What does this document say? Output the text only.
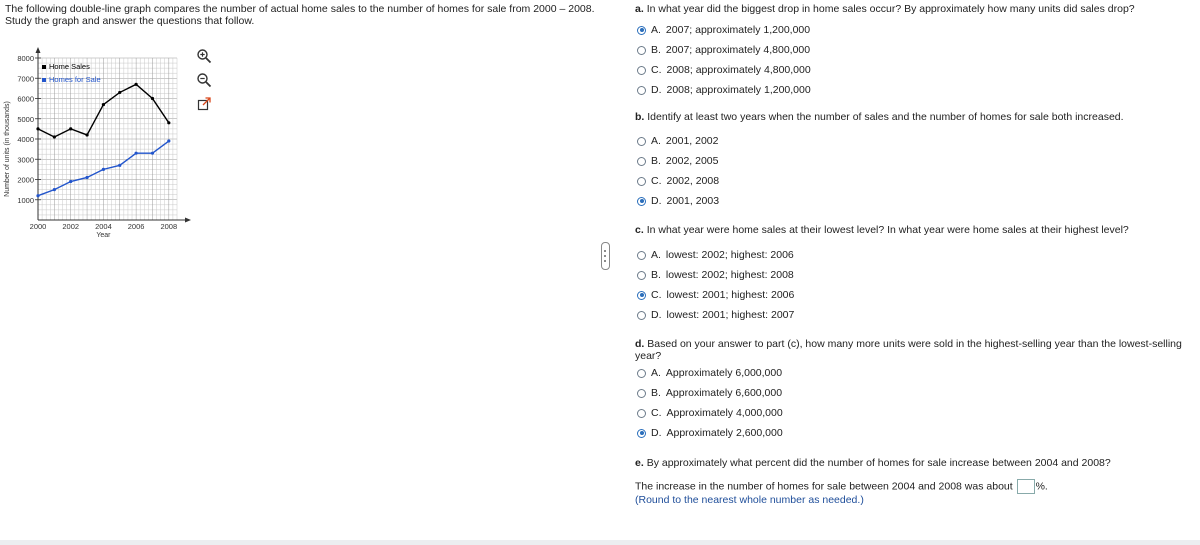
The following double-line graph compares the number of actual home sales to the number of homes for sale from 2000 – 2008. Study the graph and answer the questions that follow.
1000
2000
3000
4000
5000
6000
7000
8000
2000 2002 2004 2006 2008
Year
Number of units (in thousands)
Home Sales
Homes for Sale
a. In what year did the biggest drop in home sales occur? By approximately how many units did sales drop?
A. 2007; approximately 1,200,000
B. 2007; approximately 4,800,000
C. 2008; approximately 4,800,000
D. 2008; approximately 1,200,000
b. Identify at least two years when the number of sales and the number of homes for sale both increased.
A. 2001, 2002
B. 2002, 2005
C. 2002, 2008
D. 2001, 2003
c. In what year were home sales at their lowest level? In what year were home sales at their highest level?
A. lowest: 2002; highest: 2006
B. lowest: 2002; highest: 2008
C. lowest: 2001; highest: 2006
D. lowest: 2001; highest: 2007
d. Based on your answer to part (c), how many more units were sold in the highest-selling year than the lowest-selling year?
A. Approximately 6,000,000
B. Approximately 6,600,000
C. Approximately 4,000,000
D. Approximately 2,600,000
e. By approximately what percent did the number of homes for sale increase between 2004 and 2008?
The increase in the number of homes for sale between 2004 and 2008 was about %.
(Round to the nearest whole number as needed.)
